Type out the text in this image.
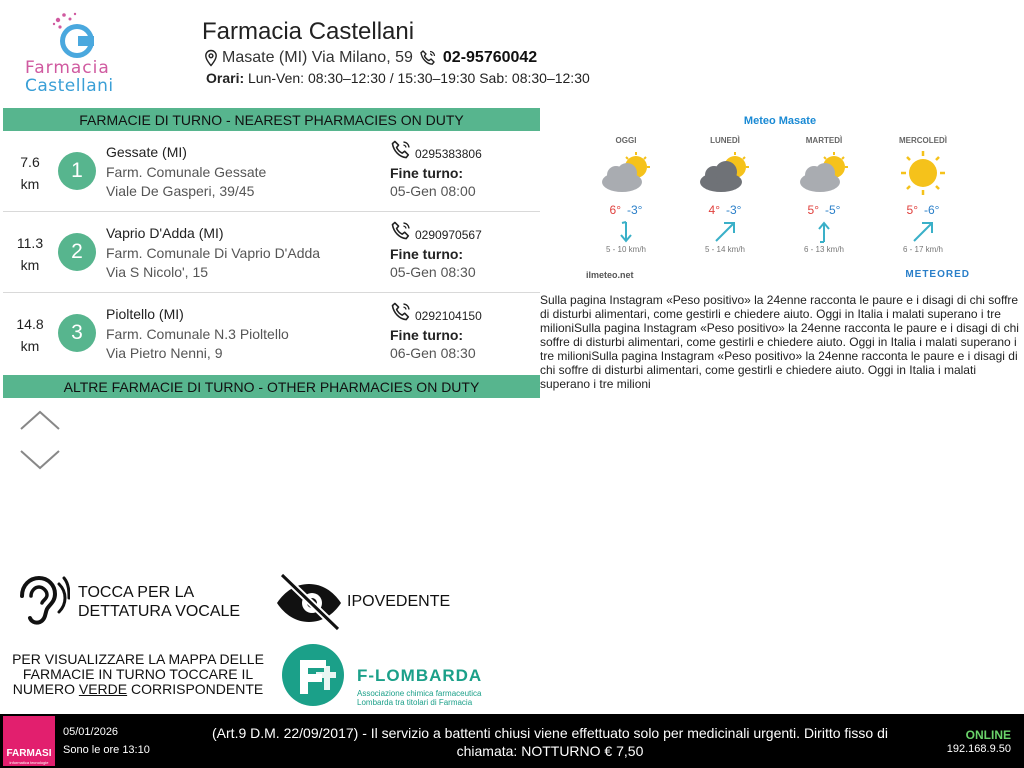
Farmacia
Castellani
Farmacia Castellani
Masate (MI) Via Milano, 59 02-95760042
Orari: Lun-Ven: 08:30–12:30 / 15:30–19:30 Sab: 08:30–12:30
FARMACIE DI TURNO - NEAREST PHARMACIES ON DUTY
7.6
km
1
Gessate (MI)
Farm. Comunale Gessate
Viale De Gasperi, 39/45
0295383806
Fine turno:
05-Gen 08:00
11.3
km
2
Vaprio D'Adda (MI)
Farm. Comunale Di Vaprio D'Adda
Via S Nicolo', 15
0290970567
Fine turno:
05-Gen 08:30
14.8
km
3
Pioltello (MI)
Farm. Comunale N.3 Pioltello
Via Pietro Nenni, 9
0292104150
Fine turno:
06-Gen 08:30
ALTRE FARMACIE DI TURNO - OTHER PHARMACIES ON DUTY
Meteo Masate
OGGI
6° -3°
5 - 10 km/h
LUNEDÌ
4° -3°
5 - 14 km/h
MARTEDÌ
5° -5°
6 - 13 km/h
MERCOLEDÌ
5° -6°
6 - 17 km/h
ilmeteo.net	METEORED
Sulla pagina Instagram «Peso positivo» la 24enne racconta le paure e i disagi di chi soffre di disturbi alimentari, come gestirli e chiedere aiuto. Oggi in Italia i malati superano i tre milioniSulla pagina Instagram «Peso positivo» la 24enne racconta le paure e i disagi di chi soffre di disturbi alimentari, come gestirli e chiedere aiuto. Oggi in Italia i malati superano i tre milioniSulla pagina Instagram «Peso positivo» la 24enne racconta le paure e i disagi di chi soffre di disturbi alimentari, come gestirli e chiedere aiuto. Oggi in Italia i malati superano i tre milioni
TOCCA PER LA
DETTATURA VOCALE
IPOVEDENTE
PER VISUALIZZARE LA MAPPA DELLE
FARMACIE IN TURNO TOCCARE IL
NUMERO VERDE CORRISPONDENTE
F-LOMBARDA
Associazione chimica farmaceutica
Lombarda tra titolari di Farmacia
FARMASI
informatica tecnologie
05/01/2026
Sono le ore 13:10
(Art.9 D.M. 22/09/2017) - Il servizio a battenti chiusi viene effettuato solo per medicinali urgenti. Diritto fisso di chiamata: NOTTURNO € 7,50
ONLINE
192.168.9.50
